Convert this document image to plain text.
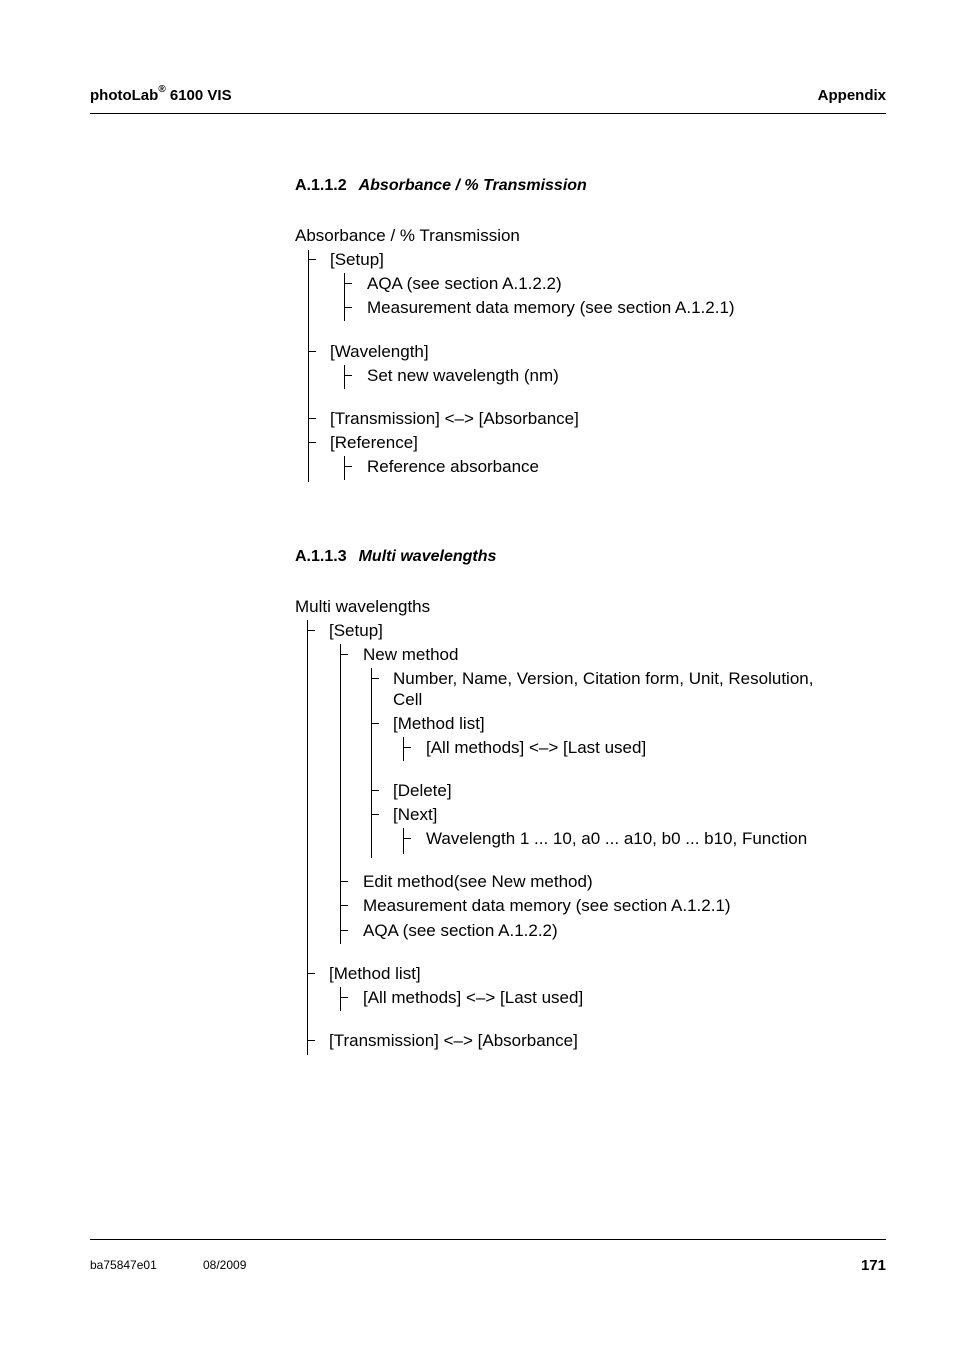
photoLab® 6100 VIS	Appendix
A.1.1.2 Absorbance / % Transmission
Absorbance / % Transmission
[Setup]
AQA (see section A.1.2.2)
Measurement data memory (see section A.1.2.1)
[Wavelength]
Set new wavelength (nm)
[Transmission] <–> [Absorbance]
[Reference]
Reference absorbance
A.1.1.3 Multi wavelengths
Multi wavelengths
[Setup]
New method
Number, Name, Version, Citation form, Unit, Resolution,
Cell
[Method list]
[All methods] <–> [Last used]
[Delete]
[Next]
Wavelength 1 ... 10, a0 ... a10, b0 ... b10, Function
Edit method(see New method)
Measurement data memory (see section A.1.2.1)
AQA (see section A.1.2.2)
[Method list]
[All methods] <–> [Last used]
[Transmission] <–> [Absorbance]
ba75847e01	08/2009	171
